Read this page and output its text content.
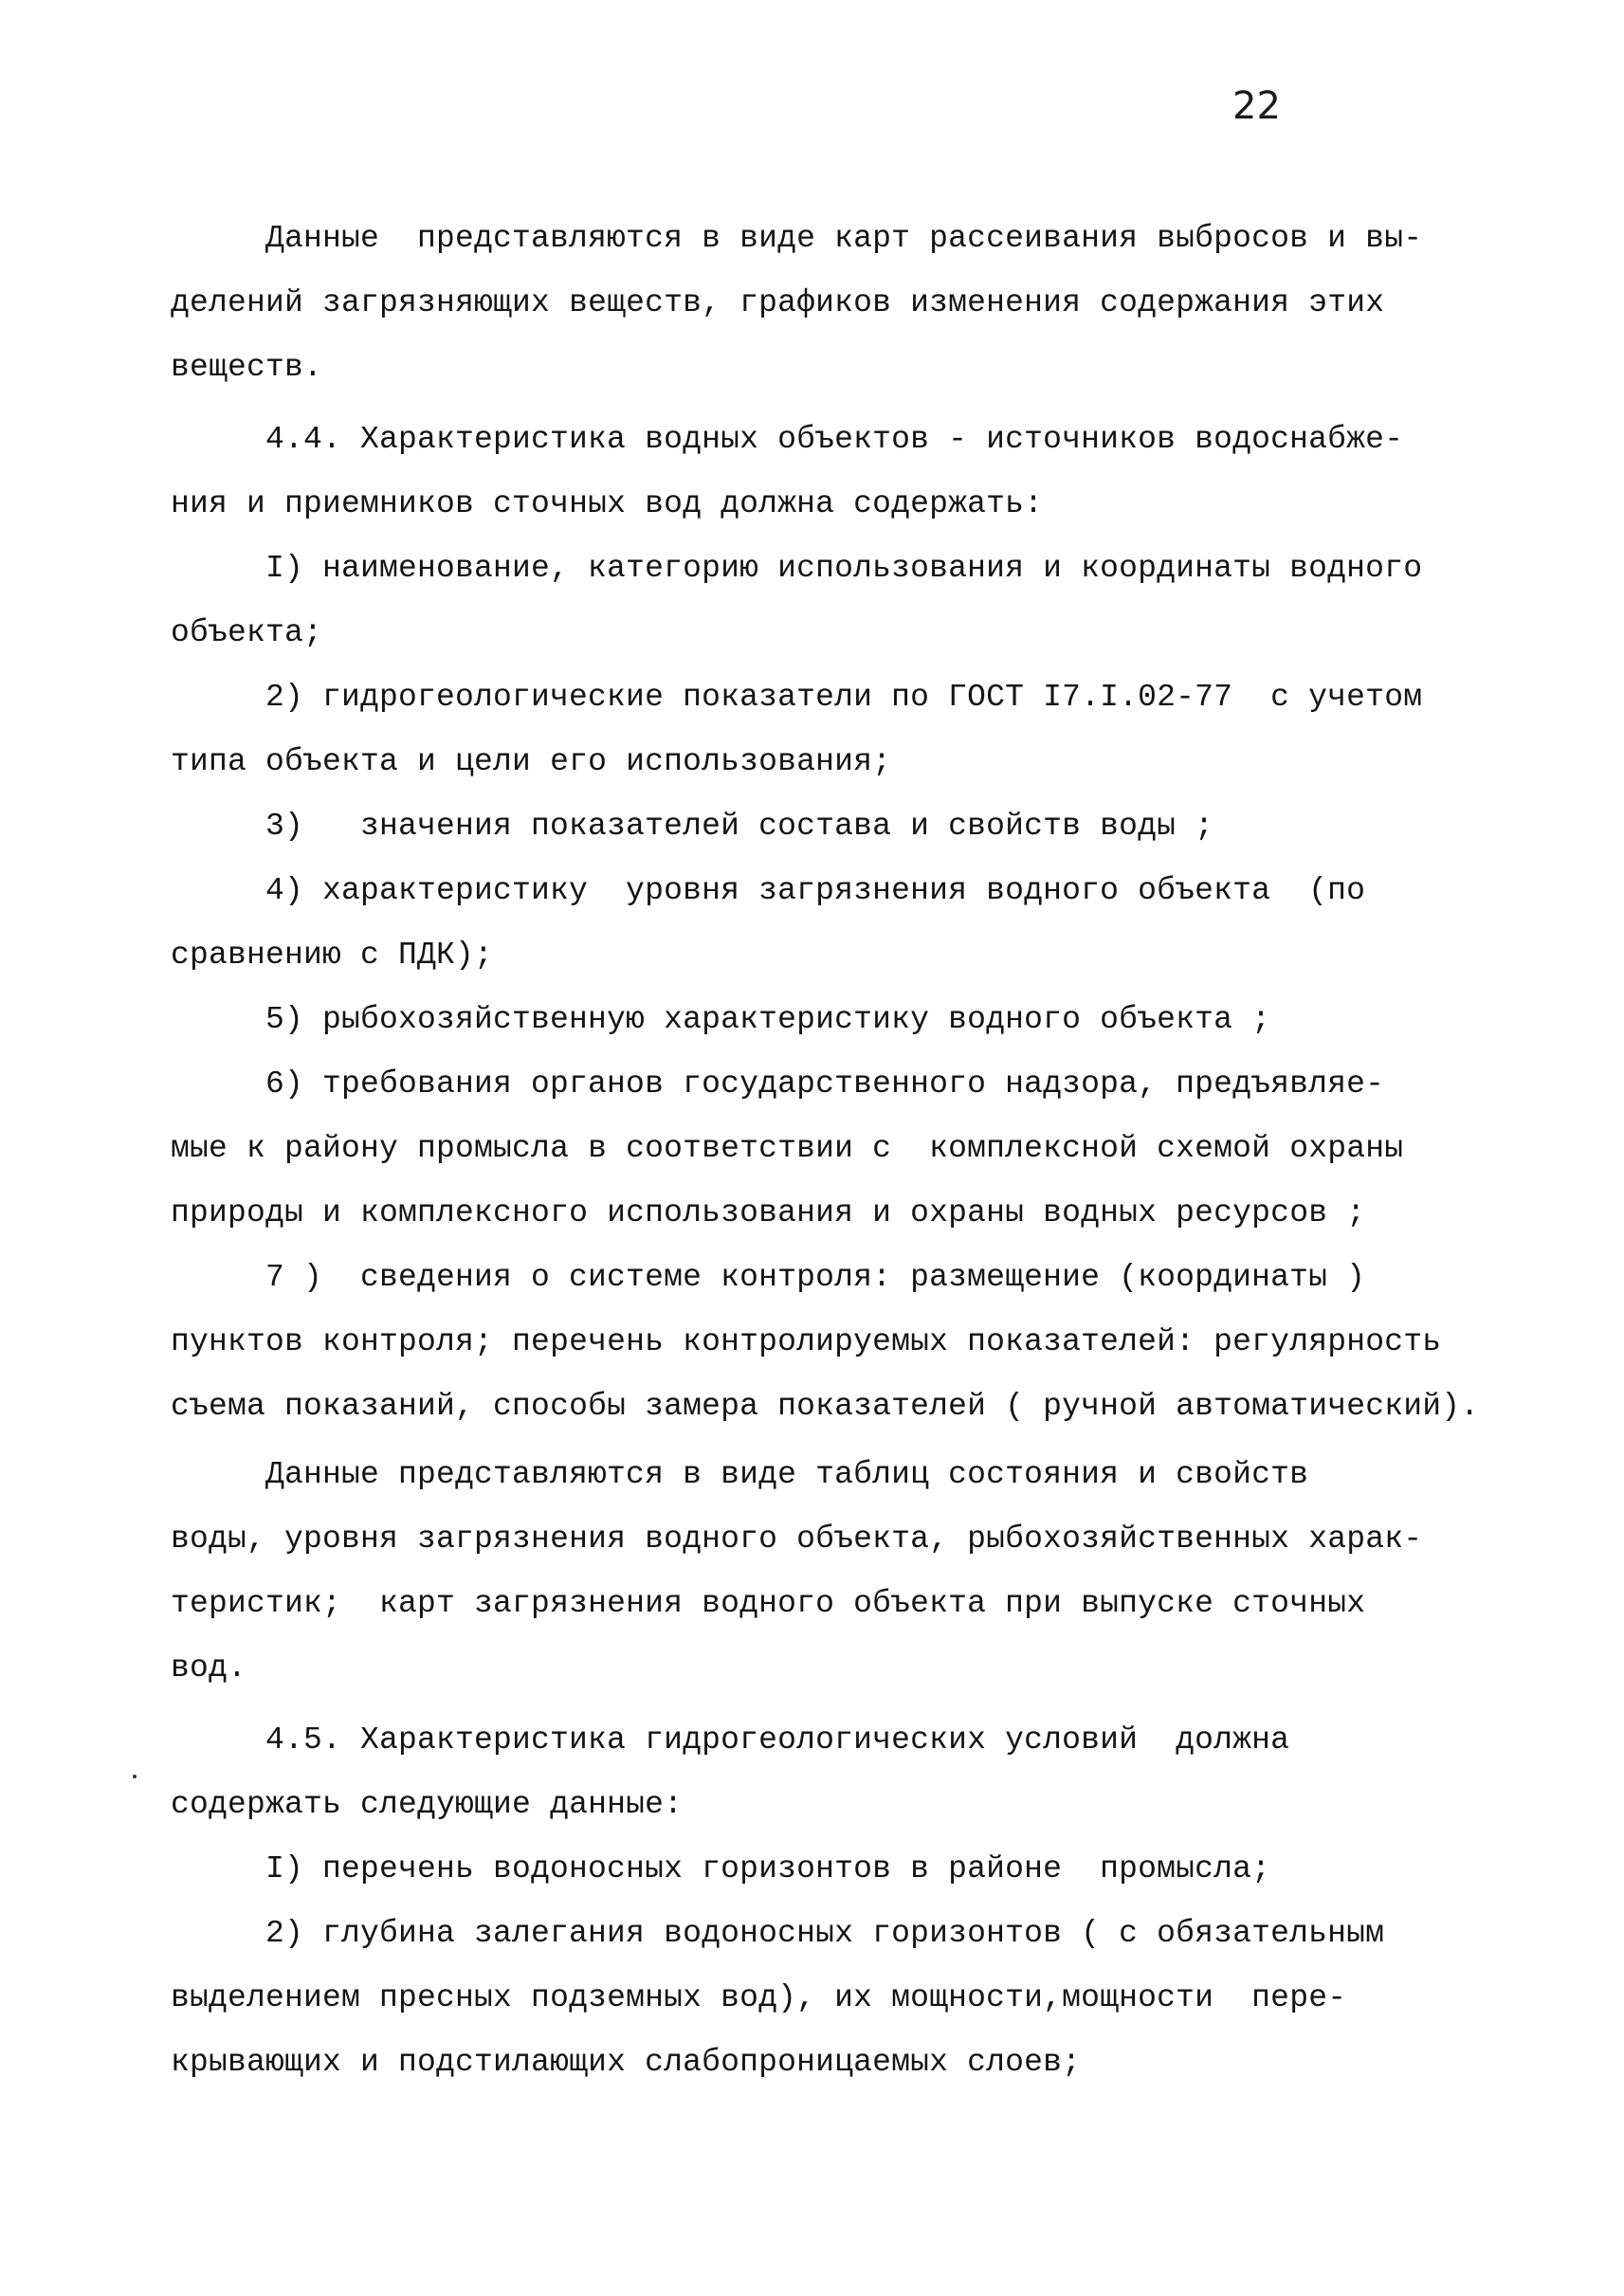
22
Данные  представляются в виде карт рассеивания выбросов и вы-
делений загрязняющих веществ, графиков изменения содержания этих
веществ.
4.4. Характеристика водных объектов - источников водоснабже-
ния и приемников сточных вод должна содержать:
I) наименование, категорию использования и координаты водного
объекта;
2) гидрогеологические показатели по ГОСТ I7.I.02-77  с учетом
типа объекта и цели его использования;
3)   значения показателей состава и свойств воды ;
4) характеристику  уровня загрязнения водного объекта  (по
сравнению с ПДК);
5) рыбохозяйственную характеристику водного объекта ;
6) требования органов государственного надзора, предъявляе-
мые к району промысла в соответствии с  комплексной схемой охраны
природы и комплексного использования и охраны водных ресурсов ;
7 )  сведения о системе контроля: размещение (координаты )
пунктов контроля; перечень контролируемых показателей: регулярность
съема показаний, способы замера показателей ( ручной автоматический).
Данные представляются в виде таблиц состояния и свойств
воды, уровня загрязнения водного объекта, рыбохозяйственных харак-
теристик;  карт загрязнения водного объекта при выпуске сточных
вод.
4.5. Характеристика гидрогеологических условий  должна
содержать следующие данные:
I) перечень водоносных горизонтов в районе  промысла;
2) глубина залегания водоносных горизонтов ( с обязательным
выделением пресных подземных вод), их мощности,мощности  пере-
крывающих и подстилающих слабопроницаемых слоев;
